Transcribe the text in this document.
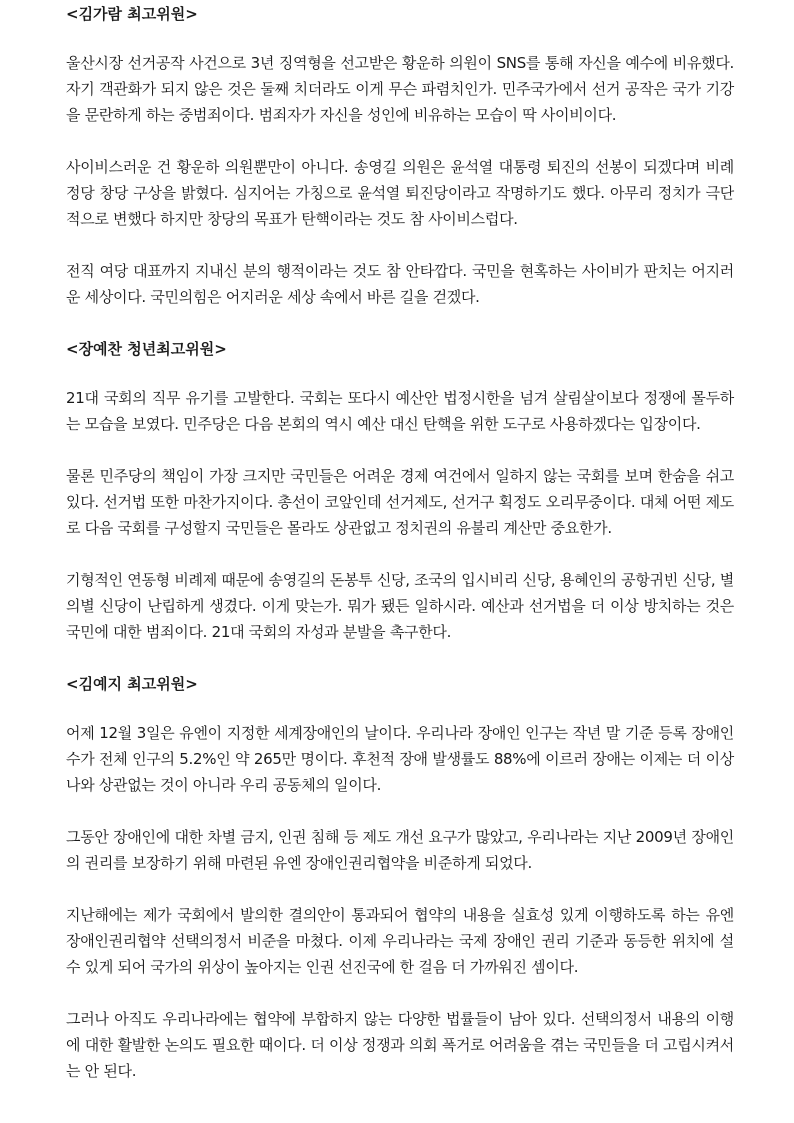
<김가람 최고위원>

울산시장 선거공작 사건으로 3년 징역형을 선고받은 황운하 의원이 SNS를 통해 자신을 예수에 비유했다. 자기 객관화가 되지 않은 것은 둘째 치더라도 이게 무슨 파렴치인가. 민주국가에서 선거 공작은 국가 기강을 문란하게 하는 중범죄이다. 범죄자가 자신을 성인에 비유하는 모습이 딱 사이비이다.

사이비스러운 건 황운하 의원뿐만이 아니다. 송영길 의원은 윤석열 대통령 퇴진의 선봉이 되겠다며 비례정당 창당 구상을 밝혔다. 심지어는 가칭으로 윤석열 퇴진당이라고 작명하기도 했다. 아무리 정치가 극단적으로 변했다 하지만 창당의 목표가 탄핵이라는 것도 참 사이비스럽다.

전직 여당 대표까지 지내신 분의 행적이라는 것도 참 안타깝다. 국민을 현혹하는 사이비가 판치는 어지러운 세상이다. 국민의힘은 어지러운 세상 속에서 바른 길을 걷겠다.

<장예찬 청년최고위원>

21대 국회의 직무 유기를 고발한다. 국회는 또다시 예산안 법정시한을 넘겨 살림살이보다 정쟁에 몰두하는 모습을 보였다. 민주당은 다음 본회의 역시 예산 대신 탄핵을 위한 도구로 사용하겠다는 입장이다.

물론 민주당의 책임이 가장 크지만 국민들은 어려운 경제 여건에서 일하지 않는 국회를 보며 한숨을 쉬고 있다. 선거법 또한 마찬가지이다. 총선이 코앞인데 선거제도, 선거구 획정도 오리무중이다. 대체 어떤 제도로 다음 국회를 구성할지 국민들은 몰라도 상관없고 정치권의 유불리 계산만 중요한가.

기형적인 연동형 비례제 때문에 송영길의 돈봉투 신당, 조국의 입시비리 신당, 용혜인의 공항귀빈 신당, 별의별 신당이 난립하게 생겼다. 이게 맞는가. 뭐가 됐든 일하시라. 예산과 선거법을 더 이상 방치하는 것은 국민에 대한 범죄이다. 21대 국회의 자성과 분발을 촉구한다.

<김예지 최고위원>

어제 12월 3일은 유엔이 지정한 세계장애인의 날이다. 우리나라 장애인 인구는 작년 말 기준 등록 장애인 수가 전체 인구의 5.2%인 약 265만 명이다. 후천적 장애 발생률도 88%에 이르러 장애는 이제는 더 이상 나와 상관없는 것이 아니라 우리 공동체의 일이다.

그동안 장애인에 대한 차별 금지, 인권 침해 등 제도 개선 요구가 많았고, 우리나라는 지난 2009년 장애인의 권리를 보장하기 위해 마련된 유엔 장애인권리협약을 비준하게 되었다.

지난해에는 제가 국회에서 발의한 결의안이 통과되어 협약의 내용을 실효성 있게 이행하도록 하는 유엔 장애인권리협약 선택의정서 비준을 마쳤다. 이제 우리나라는 국제 장애인 권리 기준과 동등한 위치에 설 수 있게 되어 국가의 위상이 높아지는 인권 선진국에 한 걸음 더 가까워진 셈이다.

그러나 아직도 우리나라에는 협약에 부합하지 않는 다양한 법률들이 남아 있다. 선택의정서 내용의 이행에 대한 활발한 논의도 필요한 때이다. 더 이상 정쟁과 의회 폭거로 어려움을 겪는 국민들을 더 고립시켜서는 안 된다.
